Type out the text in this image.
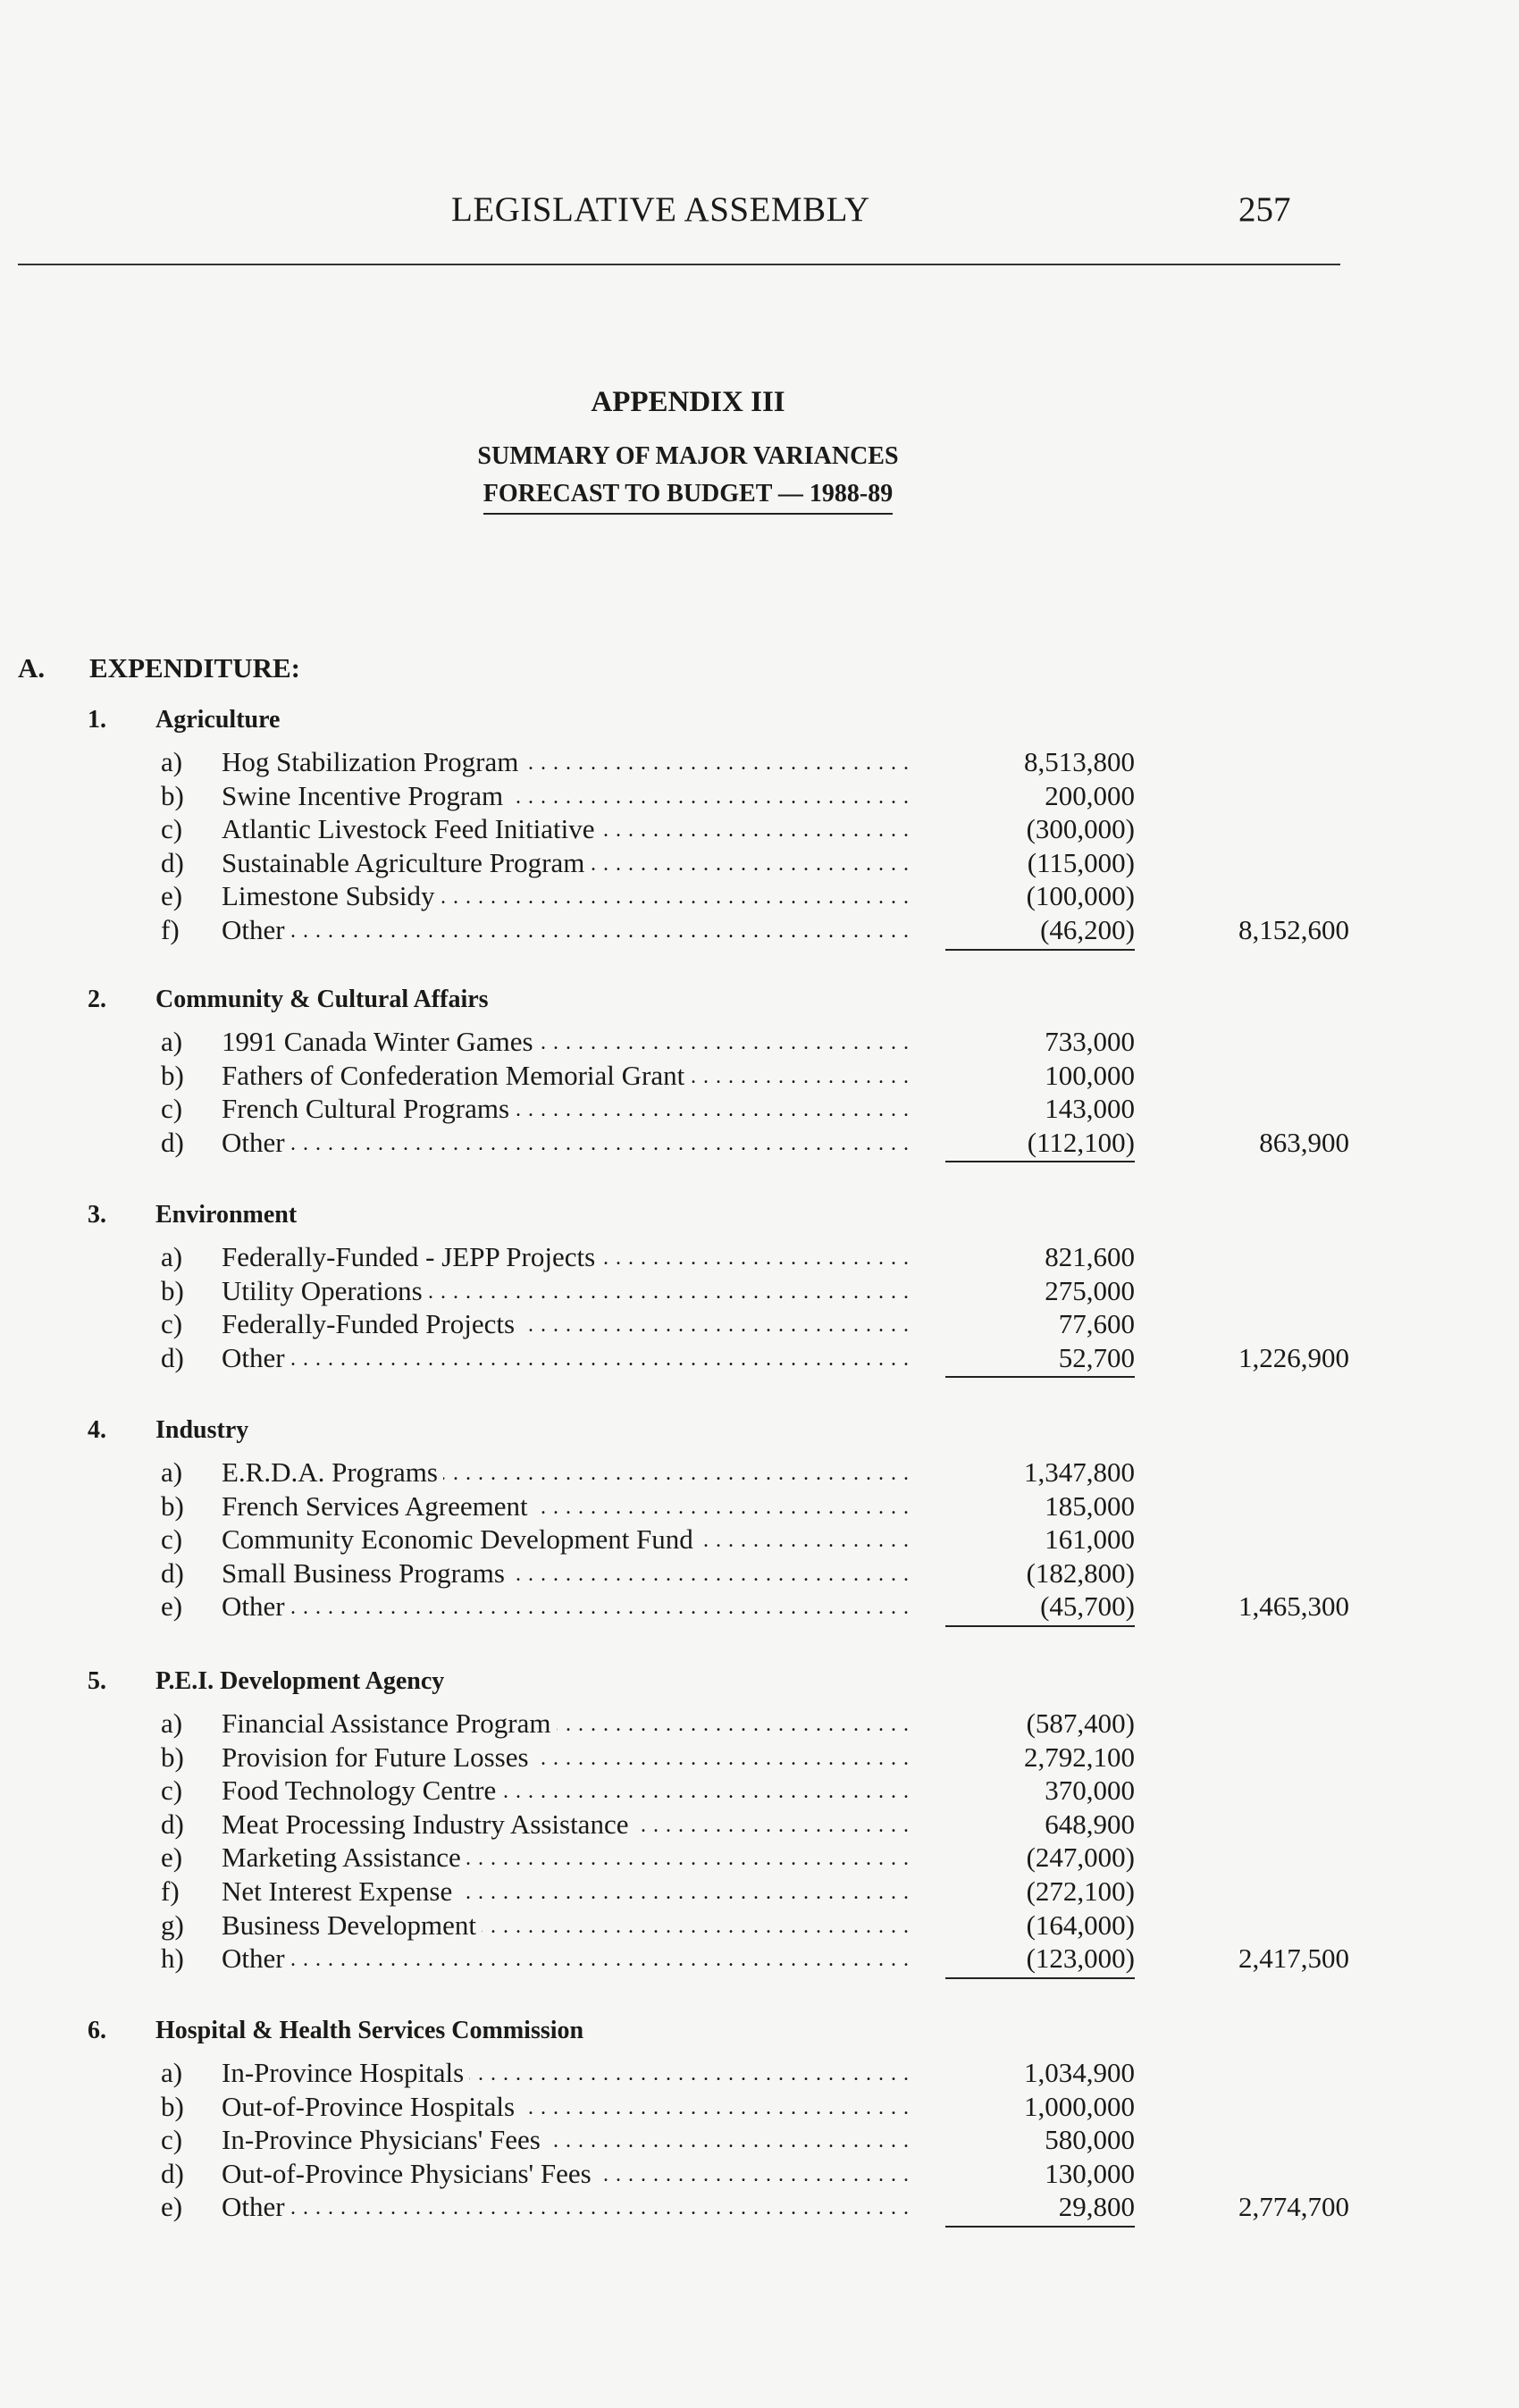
LEGISLATIVE ASSEMBLY	257
APPENDIX III
SUMMARY OF MAJOR VARIANCES
FORECAST TO BUDGET — 1988-89
A. EXPENDITURE:
1. Agriculture
a) Hog Stabilization Program . . .	8,513,800
b) Swine Incentive Program . . .	200,000
c) Atlantic Livestock Feed Initiative . . .	(300,000)
d) Sustainable Agriculture Program . . .	(115,000)
e) Limestone Subsidy . . .	(100,000)
f) Other . . .	(46,200)	8,152,600
2. Community & Cultural Affairs
a) 1991 Canada Winter Games . . .	733,000
b) Fathers of Confederation Memorial Grant . . .	100,000
c) French Cultural Programs . . .	143,000
d) Other . . .	(112,100)	863,900
3. Environment
a) Federally-Funded - JEPP Projects . . .	821,600
b) Utility Operations . . .	275,000
c) Federally-Funded Projects . . .	77,600
d) Other . . .	52,700	1,226,900
4. Industry
a) E.R.D.A. Programs . . .	1,347,800
b) French Services Agreement . . .	185,000
c) Community Economic Development Fund . . .	161,000
d) Small Business Programs . . .	(182,800)
e) Other . . .	(45,700)	1,465,300
5. P.E.I. Development Agency
a) Financial Assistance Program . . .	(587,400)
b) Provision for Future Losses . . .	2,792,100
c) Food Technology Centre . . .	370,000
d) Meat Processing Industry Assistance . . .	648,900
e) Marketing Assistance . . .	(247,000)
f) Net Interest Expense . . .	(272,100)
g) Business Development . . .	(164,000)
h) Other . . .	(123,000)	2,417,500
6. Hospital & Health Services Commission
a) In-Province Hospitals . . .	1,034,900
b) Out-of-Province Hospitals . . .	1,000,000
c) In-Province Physicians' Fees . . .	580,000
d) Out-of-Province Physicians' Fees . . .	130,000
e) Other . . .	29,800	2,774,700
